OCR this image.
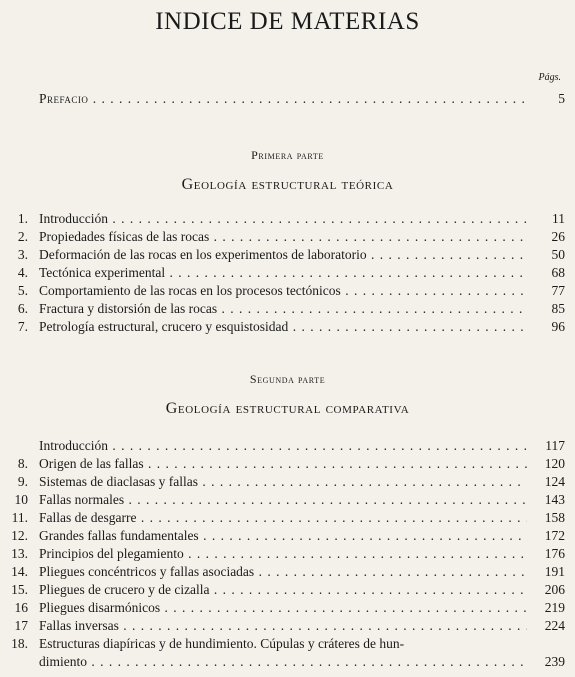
INDICE DE MATERIAS
Págs.
Prefacio . .	5
Primera parte
Geología estructural teórica
1. Introducción . .	11
2. Propiedades físicas de las rocas . .	26
3. Deformación de las rocas en los experimentos de laboratorio . .	50
4. Tectónica experimental . .	68
5. Comportamiento de las rocas en los procesos tectónicos . .	77
6. Fractura y distorsión de las rocas . .	85
7. Petrología estructural, crucero y esquistosidad . .	96
Segunda parte
Geología estructural comparativa
Introducción . .	117
8. Origen de las fallas . .	120
9. Sistemas de diaclasas y fallas . .	124
10 Fallas normales . .	143
11. Fallas de desgarre . .	158
12. Grandes fallas fundamentales . .	172
13. Principios del plegamiento . .	176
14. Pliegues concéntricos y fallas asociadas . .	191
15. Pliegues de crucero y de cizalla . .	206
16 Pliegues disarmónicos . .	219
17 Fallas inversas . .	224
18. Estructuras diapíricas y de hundimiento. Cúpulas y cráteres de hun-
dimiento . .	239
